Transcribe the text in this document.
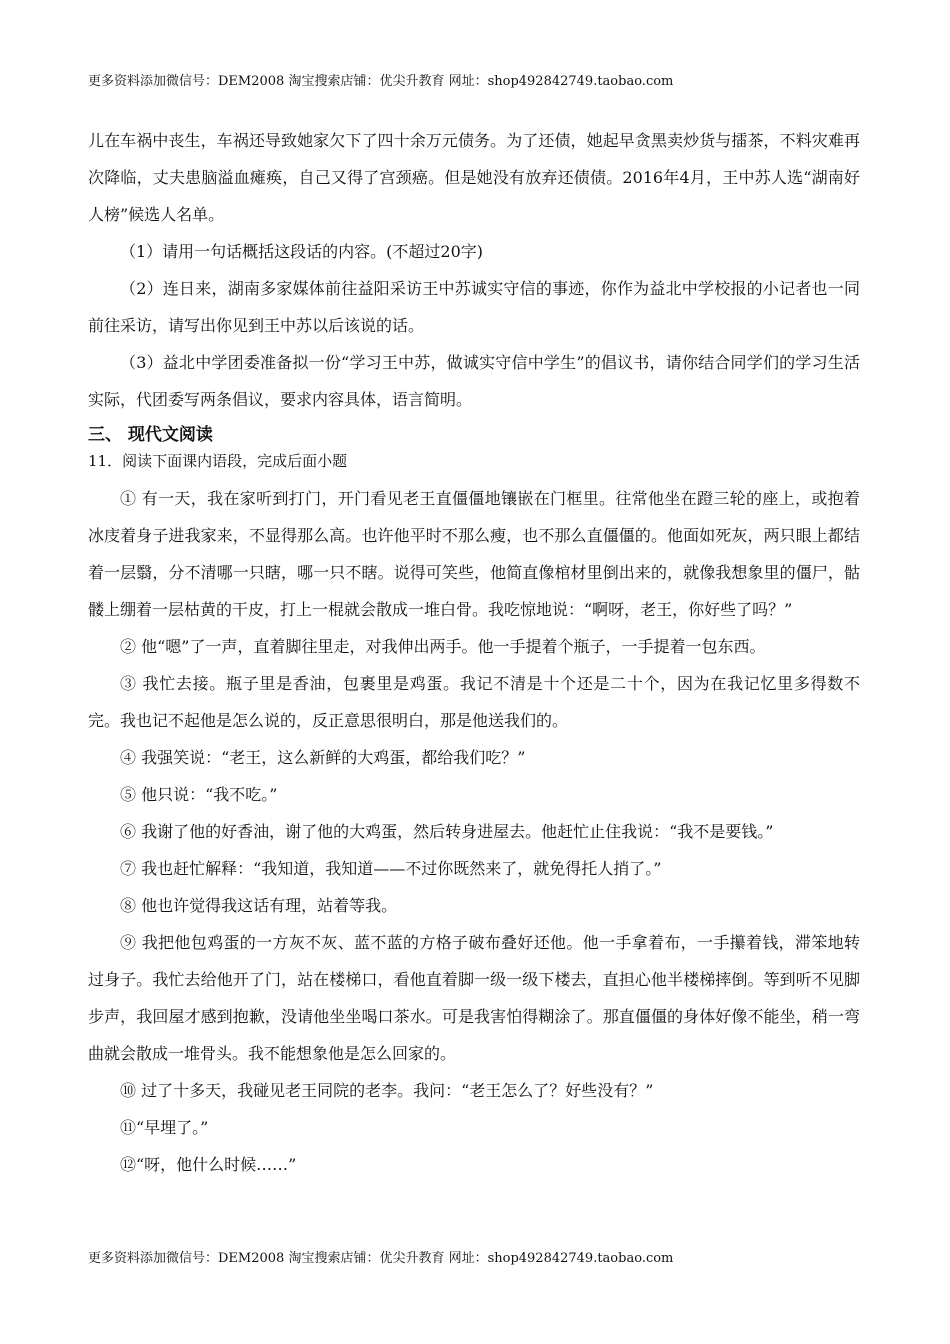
更多资料添加微信号：DEM2008 淘宝搜索店铺：优尖升教育 网址：shop492842749.taobao.com

儿在车祸中丧生，车祸还导致她家欠下了四十余万元债务。为了还债，她起早贪黑卖炒货与擂茶，不料灾难再次降临，丈夫患脑溢血瘫痪，自己又得了宫颈癌。但是她没有放弃还债债。2016年4月，王中苏人选“湖南好人榜”候选人名单。

（1）请用一句话概括这段话的内容。(不超过20字)

（2）连日来，湖南多家媒体前往益阳采访王中苏诚实守信的事迹，你作为益北中学校报的小记者也一同前往采访，请写出你见到王中苏以后该说的话。

（3）益北中学团委准备拟一份“学习王中苏，做诚实守信中学生”的倡议书，请你结合同学们的学习生活实际，代团委写两条倡议，要求内容具体，语言简明。

三、 现代文阅读
11．阅读下面课内语段，完成后面小题

① 有一天，我在家听到打门，开门看见老王直僵僵地镶嵌在门框里。往常他坐在蹬三轮的座上，或抱着冰庋着身子进我家来，不显得那么高。也许他平时不那么瘦，也不那么直僵僵的。他面如死灰，两只眼上都结着一层翳，分不清哪一只瞎，哪一只不瞎。说得可笑些，他简直像棺材里倒出来的，就像我想象里的僵尸，骷髅上绷着一层枯黄的干皮，打上一棍就会散成一堆白骨。我吃惊地说：“啊呀，老王，你好些了吗？”

② 他“嗯”了一声，直着脚往里走，对我伸出两手。他一手提着个瓶子，一手提着一包东西。

③ 我忙去接。瓶子里是香油，包裹里是鸡蛋。我记不清是十个还是二十个，因为在我记忆里多得数不完。我也记不起他是怎么说的，反正意思很明白，那是他送我们的。

④ 我强笑说：“老王，这么新鲜的大鸡蛋，都给我们吃？”

⑤ 他只说：“我不吃。”

⑥ 我谢了他的好香油，谢了他的大鸡蛋，然后转身进屋去。他赶忙止住我说：“我不是要钱。”

⑦ 我也赶忙解释：“我知道，我知道——不过你既然来了，就免得托人捎了。”

⑧ 他也许觉得我这话有理，站着等我。

⑨ 我把他包鸡蛋的一方灰不灰、蓝不蓝的方格子破布叠好还他。他一手拿着布，一手攥着钱，滞笨地转过身子。我忙去给他开了门，站在楼梯口，看他直着脚一级一级下楼去，直担心他半楼梯摔倒。等到听不见脚步声，我回屋才感到抱歉，没请他坐坐喝口茶水。可是我害怕得糊涂了。那直僵僵的身体好像不能坐，稍一弯曲就会散成一堆骨头。我不能想象他是怎么回家的。

⑩ 过了十多天，我碰见老王同院的老李。我问：“老王怎么了？好些没有？”

⑪“早埋了。”

⑫“呀，他什么时候……”

更多资料添加微信号：DEM2008 淘宝搜索店铺：优尖升教育 网址：shop492842749.taobao.com
